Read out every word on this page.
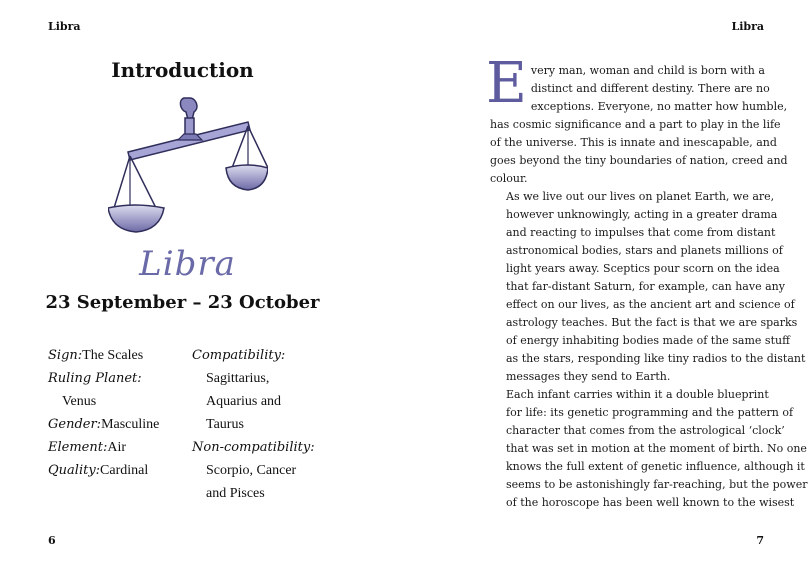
Libra
Introduction
Libra
23 September – 23 October
Sign:The Scales
Ruling Planet:
Venus
Gender:Masculine
Element:Air
Quality:Cardinal
Compatibility:
Sagittarius,
Aquarius and
Taurus
Non-compatibility:
Scorpio, Cancer
and Pisces
6
Libra

E very man, woman and child is born with a
distinct and different destiny. There are no
exceptions. Everyone, no matter how humble,
has cosmic significance and a part to play in the life
of the universe. This is innate and inescapable, and
goes beyond the tiny boundaries of nation, creed and
colour.

As we live out our lives on planet Earth, we are,
however unknowingly, acting in a greater drama
and reacting to impulses that come from distant
astronomical bodies, stars and planets millions of
light years away. Sceptics pour scorn on the idea
that far-distant Saturn, for example, can have any
effect on our lives, as the ancient art and science of
astrology teaches. But the fact is that we are sparks
of energy inhabiting bodies made of the same stuff
as the stars, responding like tiny radios to the distant
messages they send to Earth.

Each infant carries within it a double blueprint
for life: its genetic programming and the pattern of
character that comes from the astrological ‘clock’
that was set in motion at the moment of birth. No one
knows the full extent of genetic influence, although it
seems to be astonishingly far-reaching, but the power
of the horoscope has been well known to the wisest

7
